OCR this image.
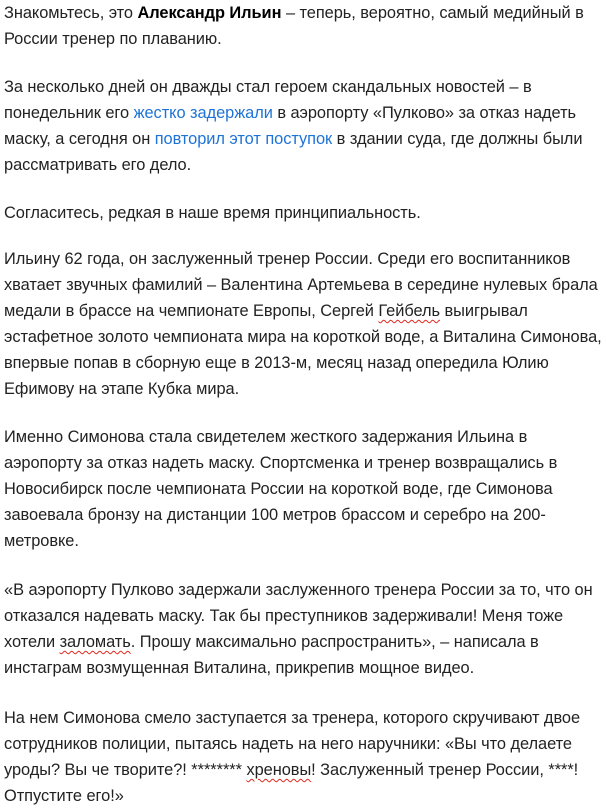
Знакомьтесь, это Александр Ильин – теперь, вероятно, самый медийный в России тренер по плаванию.

За несколько дней он дважды стал героем скандальных новостей – в понедельник его жестко задержали в аэропорту «Пулково» за отказ надеть маску, а сегодня он повторил этот поступок в здании суда, где должны были рассматривать его дело.

Согласитесь, редкая в наше время принципиальность.

Ильину 62 года, он заслуженный тренер России. Среди его воспитанников хватает звучных фамилий – Валентина Артемьева в середине нулевых брала медали в брассе на чемпионате Европы, Сергей Гейбель выигрывал эстафетное золото чемпионата мира на короткой воде, а Виталина Симонова, впервые попав в сборную еще в 2013-м, месяц назад опередила Юлию Ефимову на этапе Кубка мира.

Именно Симонова стала свидетелем жесткого задержания Ильина в аэропорту за отказ надеть маску. Спортсменка и тренер возвращались в Новосибирск после чемпионата России на короткой воде, где Симонова завоевала бронзу на дистанции 100 метров брассом и серебро на 200-метровке.

«В аэропорту Пулково задержали заслуженного тренера России за то, что он отказался надевать маску. Так бы преступников задерживали! Меня тоже хотели заломать. Прошу максимально распространить», – написала в инстаграм возмущенная Виталина, прикрепив мощное видео.

На нем Симонова смело заступается за тренера, которого скручивают двое сотрудников полиции, пытаясь надеть на него наручники: «Вы что делаете уроды? Вы че творите?! ******** хреновы! Заслуженный тренер России, ****! Отпустите его!»
